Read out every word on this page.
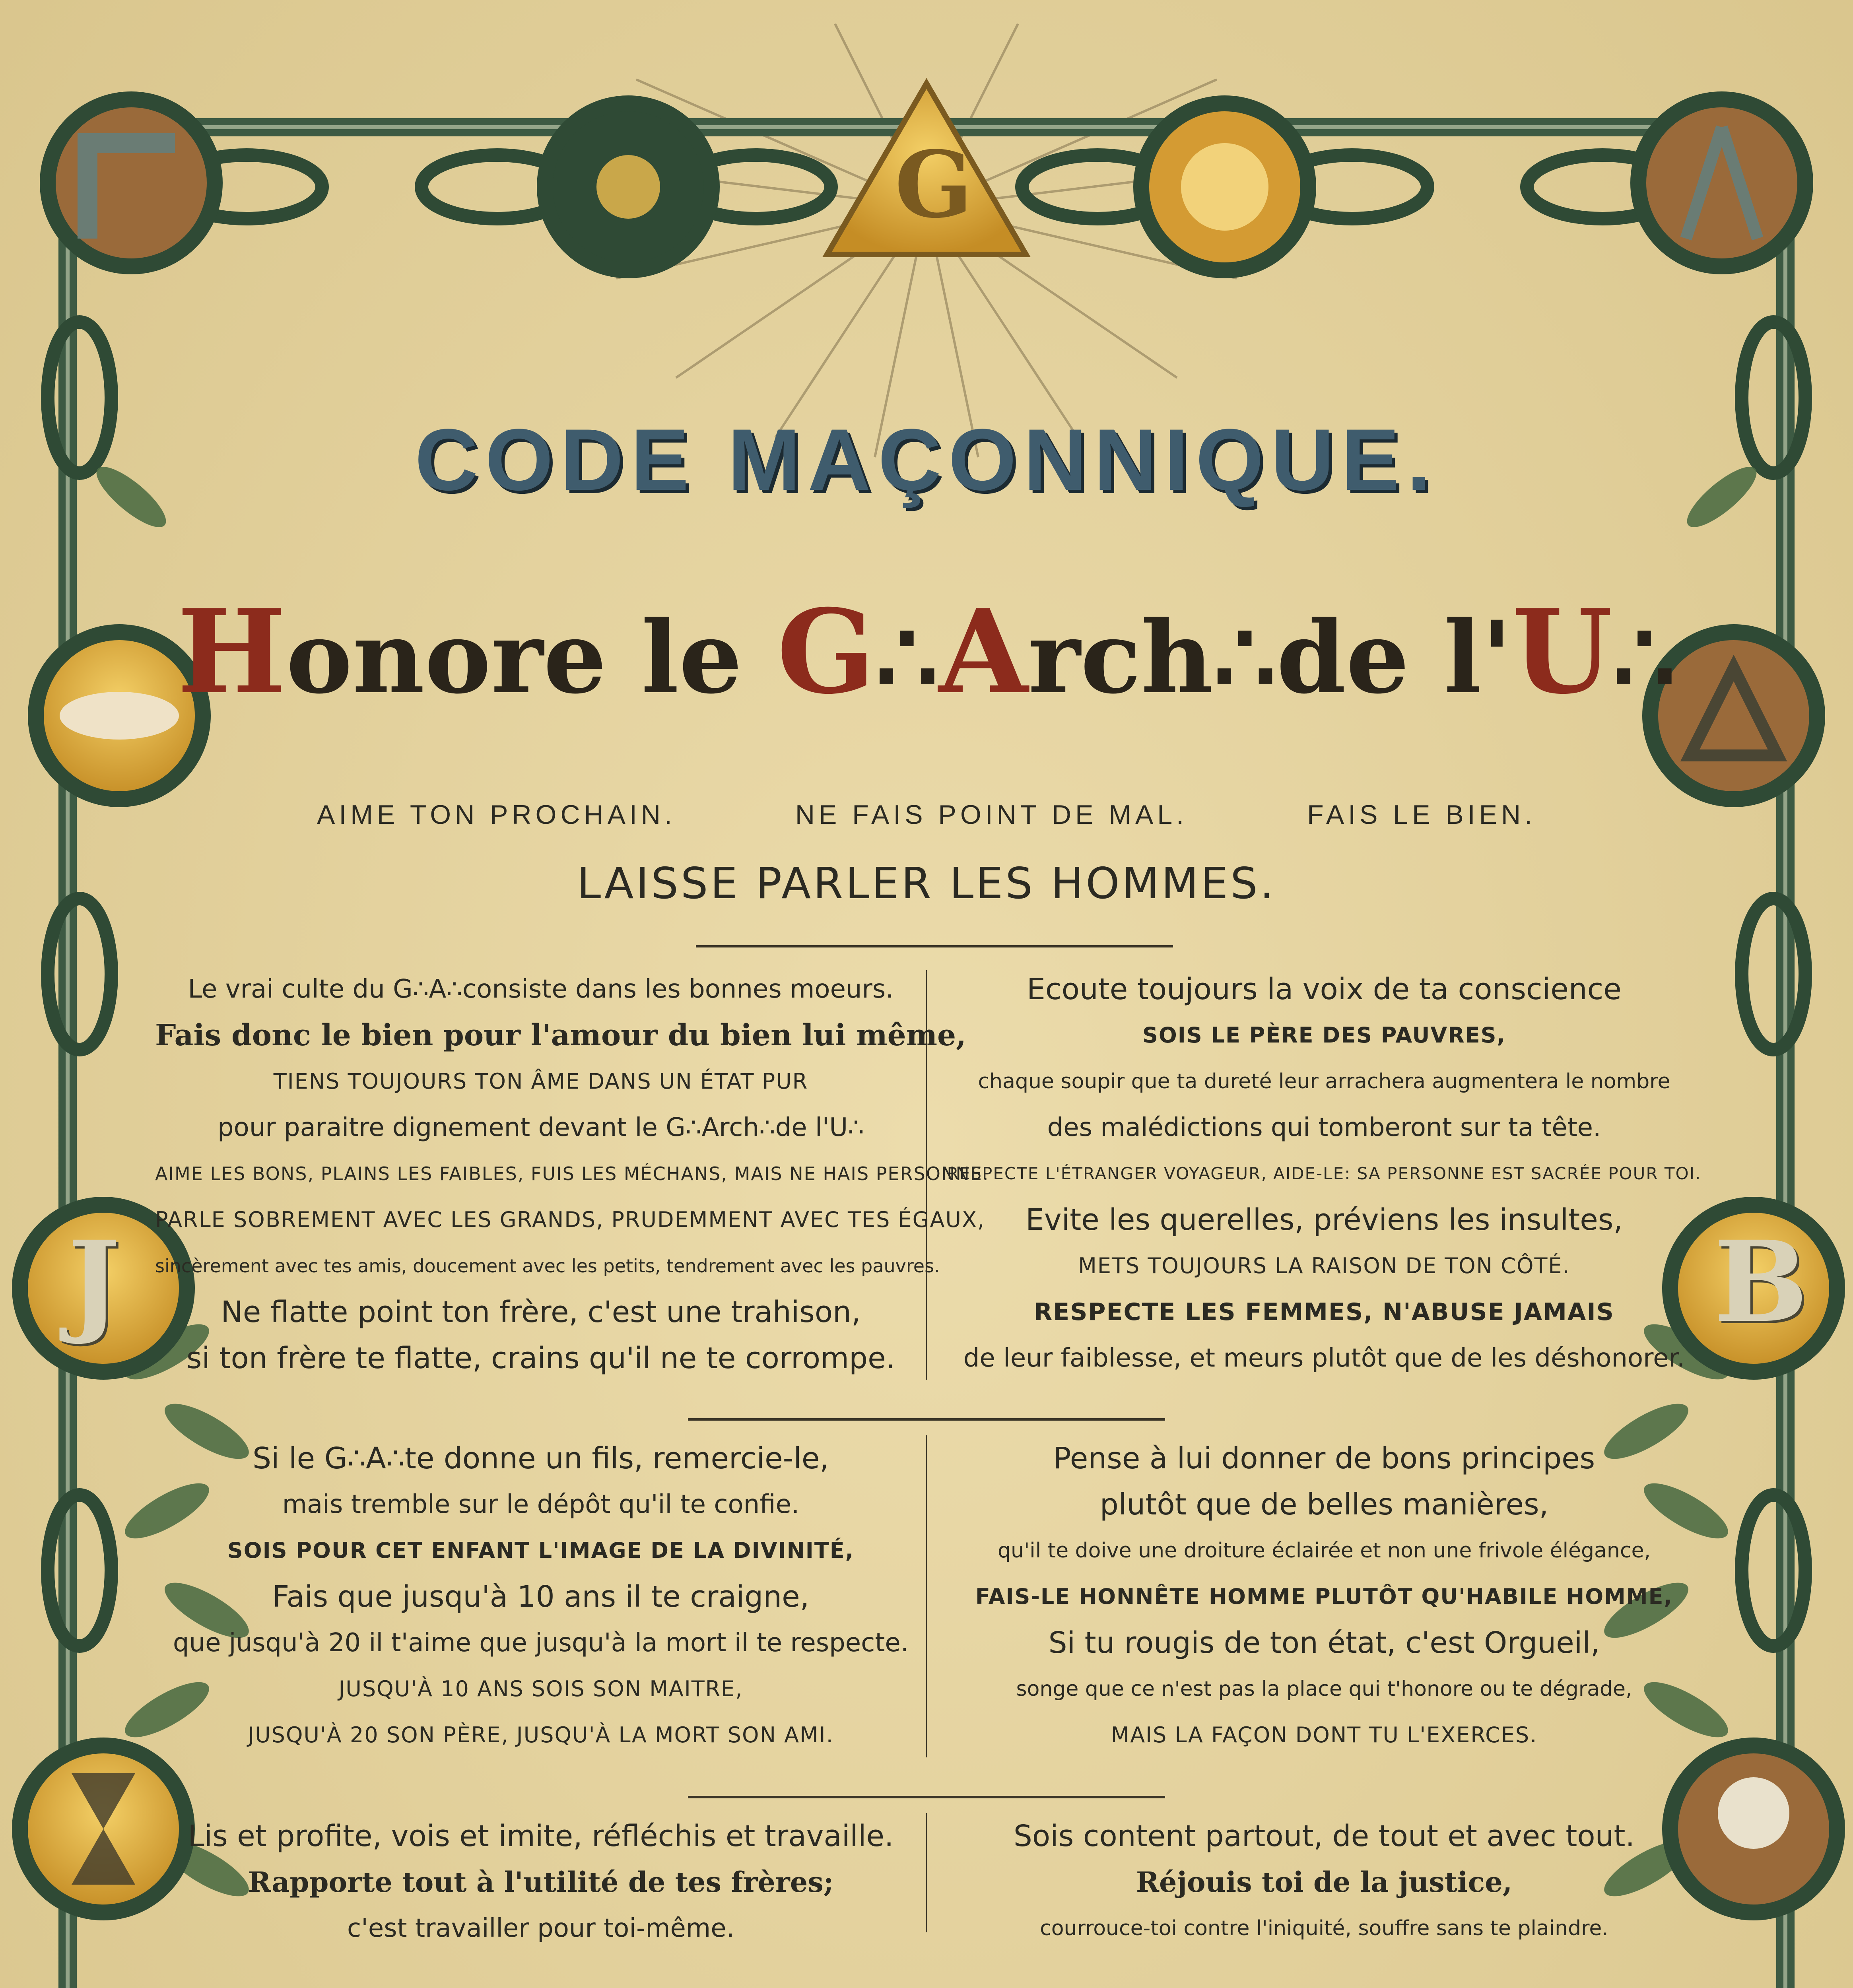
G
J	B
CODE MAÇONNIQUE.
Honore le G∴Arch∴de l'U∴
AIME TON PROCHAIN.	NE FAIS POINT DE MAL.	FAIS LE BIEN.
LAISSE PARLER LES HOMMES.
Le vrai culte du G∴A∴consiste dans les bonnes moeurs.
Fais donc le bien pour l'amour du bien lui même,
TIENS TOUJOURS TON ÂME DANS UN ÉTAT PUR
pour paraitre dignement devant le G∴Arch∴de l'U∴
AIME LES BONS, PLAINS LES FAIBLES, FUIS LES MÉCHANS, MAIS NE HAIS PERSONNE.
PARLE SOBREMENT AVEC LES GRANDS, PRUDEMMENT AVEC TES ÉGAUX,
sincèrement avec tes amis, doucement avec les petits, tendrement avec les pauvres.
Ne flatte point ton frère, c'est une trahison,
si ton frère te flatte, crains qu'il ne te corrompe.
Ecoute toujours la voix de ta conscience
SOIS LE PÈRE DES PAUVRES,
chaque soupir que ta dureté leur arrachera augmentera le nombre
des malédictions qui tomberont sur ta tête.
RESPECTE L'ÉTRANGER VOYAGEUR, AIDE-LE: SA PERSONNE EST SACRÉE POUR TOI.
Evite les querelles, préviens les insultes,
METS TOUJOURS LA RAISON DE TON CÔTÉ.
RESPECTE LES FEMMES, N'ABUSE JAMAIS
de leur faiblesse, et meurs plutôt que de les déshonorer.
Si le G∴A∴te donne un fils, remercie-le,
mais tremble sur le dépôt qu'il te confie.
SOIS POUR CET ENFANT L'IMAGE DE LA DIVINITÉ,
Fais que jusqu'à 10 ans il te craigne,
que jusqu'à 20 il t'aime que jusqu'à la mort il te respecte.
JUSQU'À 10 ANS SOIS SON MAITRE,
JUSQU'À 20 SON PÈRE, JUSQU'À LA MORT SON AMI.
Pense à lui donner de bons principes
plutôt que de belles manières,
qu'il te doive une droiture éclairée et non une frivole élégance,
FAIS-LE HONNÊTE HOMME PLUTÔT QU'HABILE HOMME,
Si tu rougis de ton état, c'est Orgueil,
songe que ce n'est pas la place qui t'honore ou te dégrade,
MAIS LA FAÇON DONT TU L'EXERCES.
Lis et profite, vois et imite, réfléchis et travaille.
Rapporte tout à l'utilité de tes frères;
c'est travailler pour toi-même.
Sois content partout, de tout et avec tout.
Réjouis toi de la justice,
courrouce-toi contre l'iniquité, souffre sans te plaindre.
